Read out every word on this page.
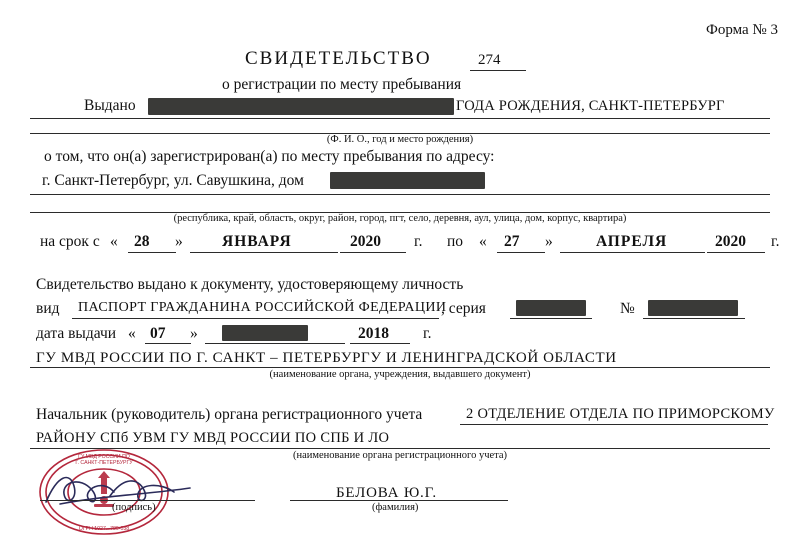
Форма № 3
СВИДЕТЕЛЬСТВО	274
о регистрации по месту пребывания
Выдано	ГОДА РОЖДЕНИЯ, САНКТ-ПЕТЕРБУРГ
(Ф. И. О., год и место рождения)
о том, что он(а) зарегистрирован(а) по месту пребывания по адресу:
г. Санкт-Петербург, ул. Савушкина, дом
(республика, край, область, округ, район, город, пгт, село, деревня, аул, улица, дом, корпус, квартира)
на срок с « 28 »	ЯНВАРЯ	2020 г. по « 27 »	АПРЕЛЯ	2020 г.
Свидетельство выдано к документу, удостоверяющему личность
вид ПАСПОРТ ГРАЖДАНИНА РОССИЙСКОЙ ФЕДЕРАЦИИ
, серия	№
дата выдачи « 07 »	2018 г.
ГУ МВД РОССИИ ПО Г. САНКТ – ПЕТЕРБУРГУ И ЛЕНИНГРАДСКОЙ ОБЛАСТИ
(наименование органа, учреждения, выдавшего документ)
Начальник (руководитель) органа регистрационного учета	2 ОТДЕЛЕНИЕ ОТДЕЛА ПО ПРИМОРСКОМУ
РАЙОНУ СПб УВМ ГУ МВД РОССИИ ПО СПБ И ЛО
(наименование органа регистрационного учета)
ГУ МВД РОССИИ ПО
Г. САНКТ-ПЕТЕРБУРГУ
ОГРН 1027.. 789-038
(подпись)
БЕЛОВА Ю.Г.
(фамилия)
